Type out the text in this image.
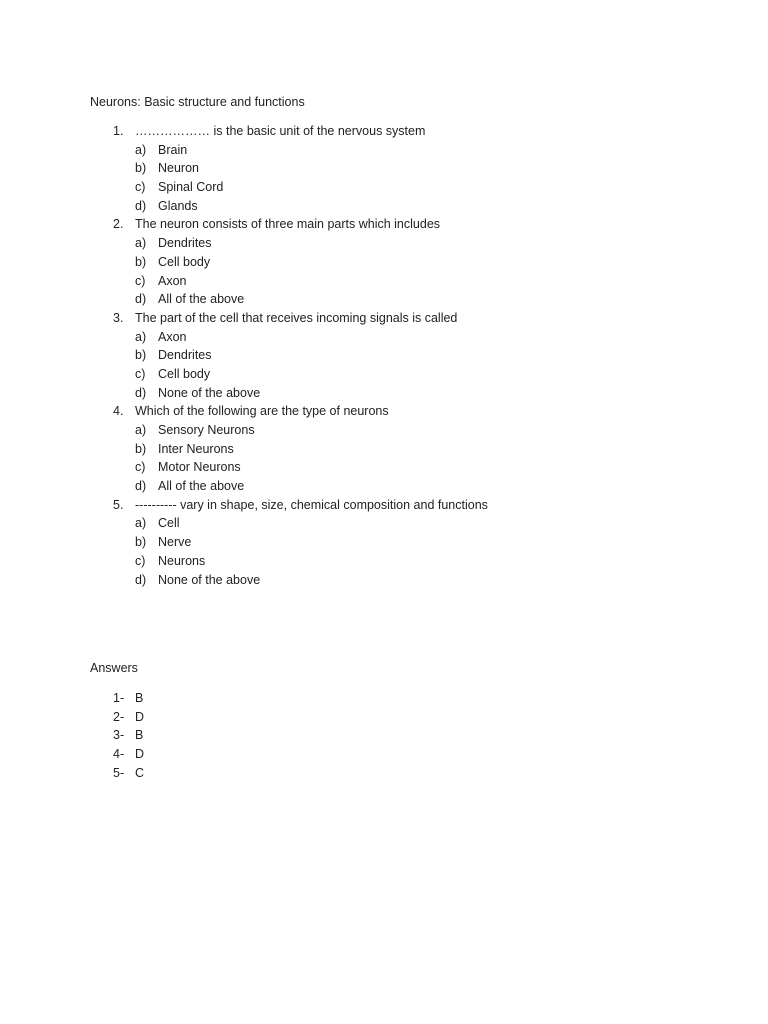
Neurons: Basic structure and functions
1. ……………… is the basic unit of the nervous system
a) Brain
b) Neuron
c) Spinal Cord
d) Glands
2. The neuron consists of three main parts which includes
a) Dendrites
b) Cell body
c) Axon
d) All of the above
3. The part of the cell that receives incoming signals is called
a) Axon
b) Dendrites
c) Cell body
d) None of the above
4. Which of the following are the type of neurons
a) Sensory Neurons
b) Inter Neurons
c) Motor Neurons
d) All of the above
5. ---------- vary in shape, size, chemical composition and functions
a) Cell
b) Nerve
c) Neurons
d) None of the above
Answers
1- B
2- D
3- B
4- D
5- C
